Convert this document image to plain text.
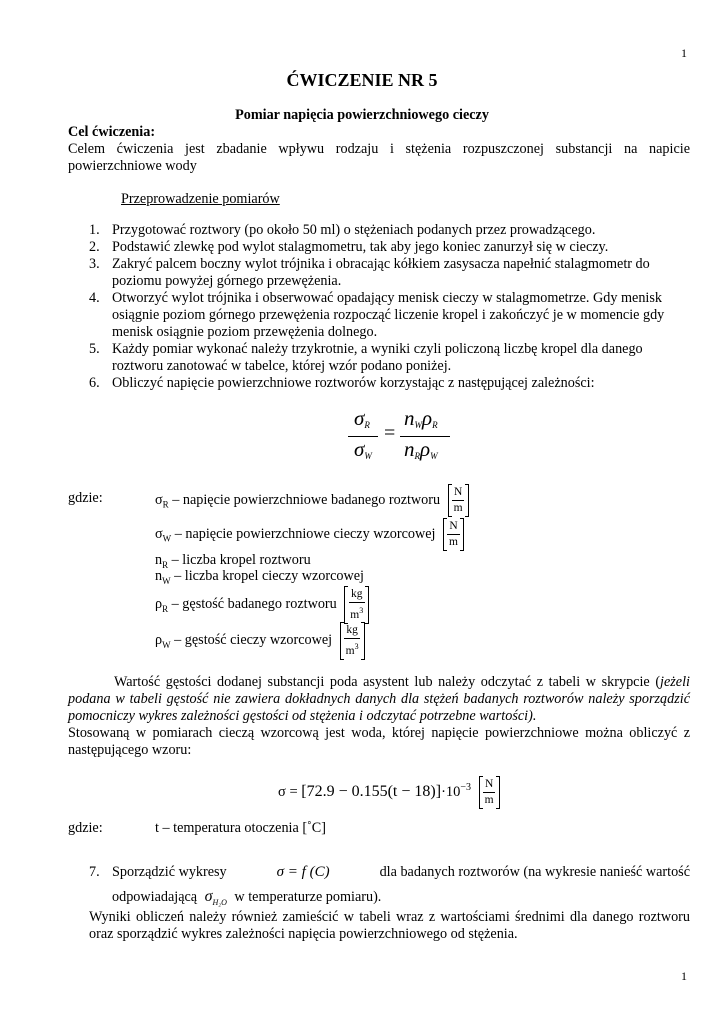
1
ĆWICZENIE NR 5
Pomiar napięcia powierzchniowego cieczy
Cel ćwiczenia:
Celem ćwiczenia jest zbadanie wpływu rodzaju i stężenia rozpuszczonej substancji na napicie powierzchniowe wody
Przeprowadzenie pomiarów
1. Przygotować roztwory (po około 50 ml) o stężeniach podanych przez prowadzącego.
2. Podstawić zlewkę pod wylot stalagmometru, tak aby jego koniec zanurzył się w cieczy.
3. Zakryć palcem boczny wylot trójnika i obracając kółkiem zasysacza napełnić stalagmometr do poziomu powyżej górnego przewężenia.
4. Otworzyć wylot trójnika i obserwować opadający menisk cieczy w stalagmometrze. Gdy menisk osiągnie poziom górnego przewężenia rozpocząć liczenie kropel i zakończyć je w momencie gdy menisk osiągnie poziom przewężenia dolnego.
5. Każdy pomiar wykonać należy trzykrotnie, a wyniki czyli policzoną liczbę kropel dla danego roztworu zanotować w tabelce, której wzór podano poniżej.
6. Obliczyć napięcie powierzchniowe roztworów korzystając z następującej zależności:
$\sigma_R$
$\sigma_W$
=
$n_W\rho_R$
$n_R\rho_W$
gdzie:	$\sigma_R$ – napięcie powierzchniowe badanego roztworu $\frac{N}{m}$
$\sigma_W$ – napięcie powierzchniowe cieczy wzorcowej $\frac{N}{m}$
$n_R$ – liczba kropel roztworu
$n_W$ – liczba kropel cieczy wzorcowej
$\rho_R$ – gęstość badanego roztworu $\frac{kg}{m^3}$
$\rho_W$ – gęstość cieczy wzorcowej $\frac{kg}{m^3}$
Wartość gęstości dodanej substancji poda asystent lub należy odczytać z tabeli w skrypcie (jeżeli podana w tabeli gęstość nie zawiera dokładnych danych dla stężeń badanych roztworów należy sporządzić pomocniczy wykres zależności gęstości od stężenia i odczytać potrzebne wartości).
Stosowaną w pomiarach cieczą wzorcową jest woda, której napięcie powierzchniowe można obliczyć z następującego wzoru:
$\sigma = [72.9 - 0.155(t - 18)]\cdot 10^{-3} \frac{N}{m}$
gdzie:	t – temperatura otoczenia [˚C]
7. Sporządzić wykresy	σ = f (C)	dla badanych roztworów (na wykresie nanieść wartość
odpowiadającą $\sigma_{H_2O}$ w temperaturze pomiaru).
Wyniki obliczeń należy również zamieścić w tabeli wraz z wartościami średnimi dla danego roztworu oraz sporządzić wykres zależności napięcia powierzchniowego od stężenia.
1
